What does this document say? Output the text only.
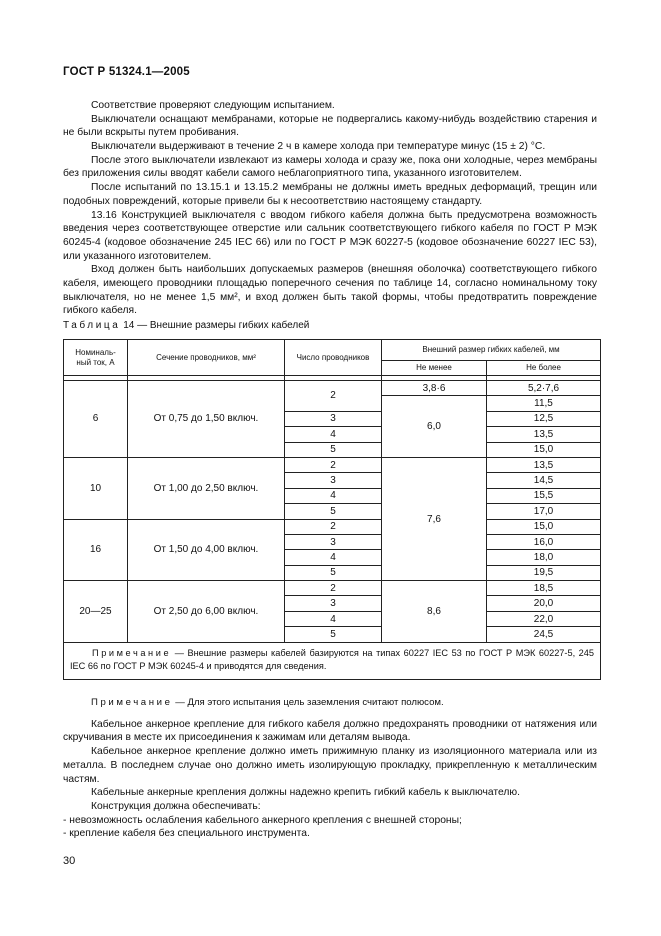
ГОСТ Р 51324.1—2005

Соответствие проверяют следующим испытанием.

Выключатели оснащают мембранами, которые не подвергались какому-нибудь воздействию старения и не были вскрыты путем пробивания.

Выключатели выдерживают в течение 2 ч в камере холода при температуре минус (15 ± 2) °С.

После этого выключатели извлекают из камеры холода и сразу же, пока они холодные, через мембраны без приложения силы вводят кабели самого неблагоприятного типа, указанного изготовителем.

После испытаний по 13.15.1 и 13.15.2 мембраны не должны иметь вредных деформаций, трещин или подобных повреждений, которые привели бы к несоответствию настоящему стандарту.

13.16 Конструкцией выключателя с вводом гибкого кабеля должна быть предусмотрена возможность введения через соответствующее отверстие или сальник соответствующего гибкого кабеля по ГОСТ Р МЭК 60245-4 (кодовое обозначение 245 IEC 66) или по ГОСТ Р МЭК 60227-5 (кодовое обозначение 60227 IEC 53), или указанного изготовителем.

Вход должен быть наибольших допускаемых размеров (внешняя оболочка) соответствующего гибкого кабеля, имеющего проводники площадью поперечного сечения по таблице 14, согласно номинальному току выключателя, но не менее 1,5 мм², и вход должен быть такой формы, чтобы предотвратить повреждение гибкого кабеля.

Таблица 14 — Внешние размеры гибких кабелей
Номиналь-ный ток, А	Сечение проводников, мм²	Число проводников	Внешний размер гибких кабелей, мм	
			Не менее	Не более

6	От 0,75 до 1,50 включ.	2	3,8·6	5,2·7,6
			6,0	11,5
		3		12,5
		4		13,5
		5		15,0
10	От 1,00 до 2,50 включ.	2	7,6	13,5
		3		14,5
		4		15,5
		5		17,0
16	От 1,50 до 4,00 включ.	2		15,0
		3		16,0
		4		18,0
		5		19,5
20—25	От 2,50 до 6,00 включ.	2	8,6	18,5
		3		20,0
		4		22,0
		5		24,5
Примечание — Внешние размеры кабелей базируются на типах 60227 IEC 53 по ГОСТ Р МЭК 60227-5, 245 IEC 66 по ГОСТ Р МЭК 60245-4 и приводятся для сведения.				

Примечание — Для этого испытания цель заземления считают полюсом.

Кабельное анкерное крепление для гибкого кабеля должно предохранять проводники от натяжения или скручивания в месте их присоединения к зажимам или деталям вывода.

Кабельное анкерное крепление должно иметь прижимную планку из изоляционного материала или из металла. В последнем случае оно должно иметь изолирующую прокладку, прикрепленную к металлическим частям.

Кабельные анкерные крепления должны надежно крепить гибкий кабель к выключателю.

Конструкция должна обеспечивать:

- невозможность ослабления кабельного анкерного крепления с внешней стороны;

- крепление кабеля без специального инструмента.

30
